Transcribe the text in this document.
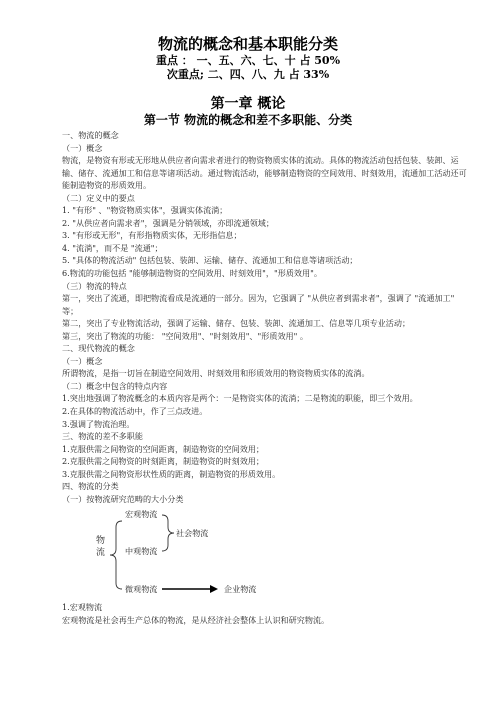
物流的概念和基本职能分类
重点 ： 一、五、六、七、十 占 50%
次重点; 二、四、八、九 占 33%
第一章 概论
第一节 物流的概念和差不多职能、分类

一、物流的概念

（一）概念

物流，是物资有形或无形地从供应者向需求者进行的物资物质实体的流动。具体的物流活动包括包装、装卸、运输、储存、流通加工和信息等诸项活动。通过物流活动，能够制造物资的空间效用、时刻效用，流通加工活动还可能制造物资的形质效用。

（二）定义中的要点

1. "有形" 、"物资物质实体"，强调实体流淌；

2. "从供应者向需求者"，强调是分销领域，亦即流通领域；

3. "有形或无形"，有形指物质实体，无形指信息；

4. "流淌"，而不是 "流通"；

5. "具体的物流活动" 包括包装、装卸、运输、储存、流通加工和信息等诸项活动；

6.物流的功能包括 "能够制造物资的空间效用、时刻效用"，"形质效用"。

（三）物流的特点

第一，突出了流通，即把物流看成是流通的一部分。因为，它强调了 "从供应者到需求者"，强调了 "流通加工" 等；

第二，突出了专业物流活动，强调了运输、储存、包装、装卸、流通加工、信息等几项专业活动；

第三，突出了物流的功能： "空间效用"、"时刻效用"、"形质效用" 。

二、现代物流的概念

（一）概念

所谓物流，是指一切旨在制造空间效用、时刻效用和形质效用的物资物质实体的流淌。

（二）概念中包含的特点内容

1.突出地强调了物流概念的本质内容是两个：一是物资实体的流淌；二是物流的职能，即三个效用。

2.在具体的物流活动中，作了三点改进。

3.强调了物流治理。

三、物流的差不多职能

1.克服供需之间物资的空间距离，制造物资的空间效用；

2.克服供需之间物资的时刻距离，制造物资的时刻效用；

3.克服供需之间物资形状性质的距离，制造物资的形质效用。

四、物流的分类

（一）按物流研究范畴的大小分类

物流
宏观物流
社会物流
中观物流
微观物流	企业物流

1.宏观物流

宏观物流是社会再生产总体的物流，是从经济社会整体上认识和研究物流。
